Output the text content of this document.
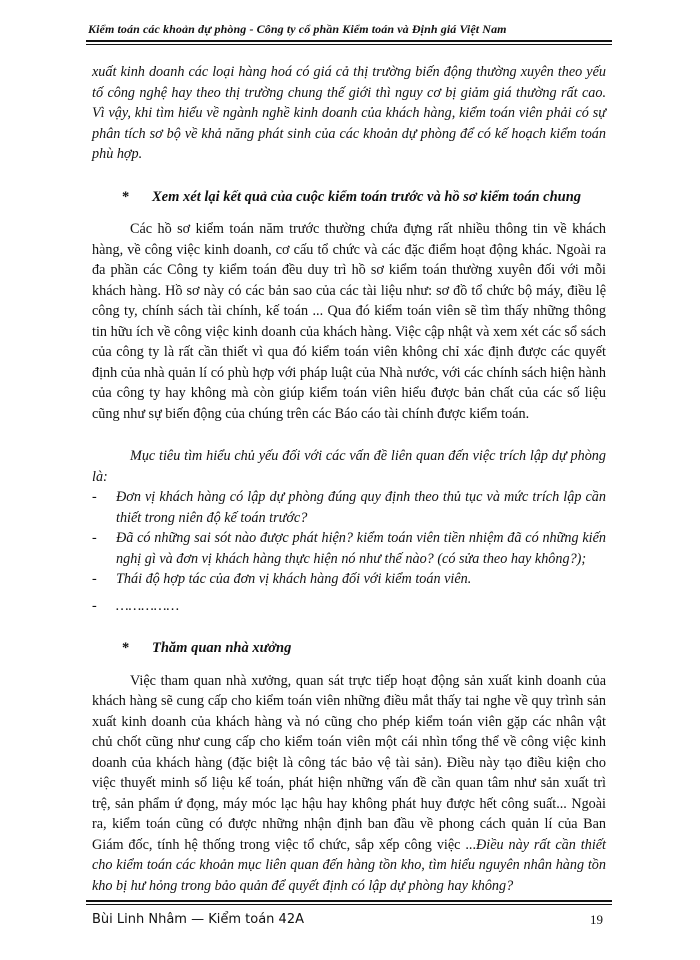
Kiểm toán các khoản dự phòng - Công ty cổ phần Kiểm toán và Định giá Việt Nam

xuất kinh doanh các loại hàng hoá có giá cả thị trường biến động thường xuyên theo yếu tố công nghệ hay theo thị trường chung thế giới thì nguy cơ bị giảm giá thường rất cao. Vì vậy, khi tìm hiểu về ngành nghề kinh doanh của khách hàng, kiểm toán viên phải có sự phân tích sơ bộ về khả năng phát sinh của các khoản dự phòng để có kế hoạch kiểm toán phù hợp.

* Xem xét lại kết quả của cuộc kiểm toán trước và hồ sơ kiểm toán chung

Các hồ sơ kiểm toán năm trước thường chứa đựng rất nhiều thông tin về khách hàng, về công việc kinh doanh, cơ cấu tổ chức và các đặc điểm hoạt động khác. Ngoài ra đa phần các Công ty kiểm toán đều duy trì hồ sơ kiểm toán thường xuyên đối với mỗi khách hàng. Hồ sơ này có các bản sao của các tài liệu như: sơ đồ tổ chức bộ máy, điều lệ công ty, chính sách tài chính, kế toán ... Qua đó kiểm toán viên sẽ tìm thấy những thông tin hữu ích về công việc kinh doanh của khách hàng. Việc cập nhật và xem xét các sổ sách của công ty là rất cần thiết vì qua đó kiểm toán viên không chỉ xác định được các quyết định của nhà quản lí có phù hợp với pháp luật của Nhà nước, với các chính sách hiện hành của công ty hay không mà còn giúp kiểm toán viên hiểu được bản chất của các số liệu cũng như sự biến động của chúng trên các Báo cáo tài chính được kiểm toán.

Mục tiêu tìm hiểu chủ yếu đối với các vấn đề liên quan đến việc trích lập dự phòng là:

-	Đơn vị khách hàng có lập dự phòng đúng quy định theo thủ tục và mức trích lập cần thiết trong niên độ kế toán trước?
-	Đã có những sai sót nào được phát hiện? kiểm toán viên tiền nhiệm đã có những kiến nghị gì và đơn vị khách hàng thực hiện nó như thế nào? (có sửa theo hay không?);
-	Thái độ hợp tác của đơn vị khách hàng đối với kiểm toán viên.
-	……………

* Thăm quan nhà xưởng

Việc tham quan nhà xưởng, quan sát trực tiếp hoạt động sản xuất kinh doanh của khách hàng sẽ cung cấp cho kiểm toán viên những điều mắt thấy tai nghe về quy trình sản xuất kinh doanh của khách hàng và nó cũng cho phép kiểm toán viên gặp các nhân vật chủ chốt cũng như cung cấp cho kiểm toán viên một cái nhìn tổng thể về công việc kinh doanh của khách hàng (đặc biệt là công tác bảo vệ tài sản). Điều này tạo điều kiện cho việc thuyết minh số liệu kế toán, phát hiện những vấn đề cần quan tâm như sản xuất trì trệ, sản phẩm ứ đọng, máy móc lạc hậu hay không phát huy được hết công suất... Ngoài ra, kiểm toán cũng có được những nhận định ban đầu về phong cách quản lí của Ban Giám đốc, tính hệ thống trong việc tổ chức, sắp xếp công việc ...Điều này rất cần thiết cho kiểm toán các khoản mục liên quan đến hàng tồn kho, tìm hiểu nguyên nhân hàng tồn kho bị hư hỏng trong bảo quản để quyết định có lập dự phòng hay không?

Bùi Linh Nhâm — Kiểm toán 42A	19
